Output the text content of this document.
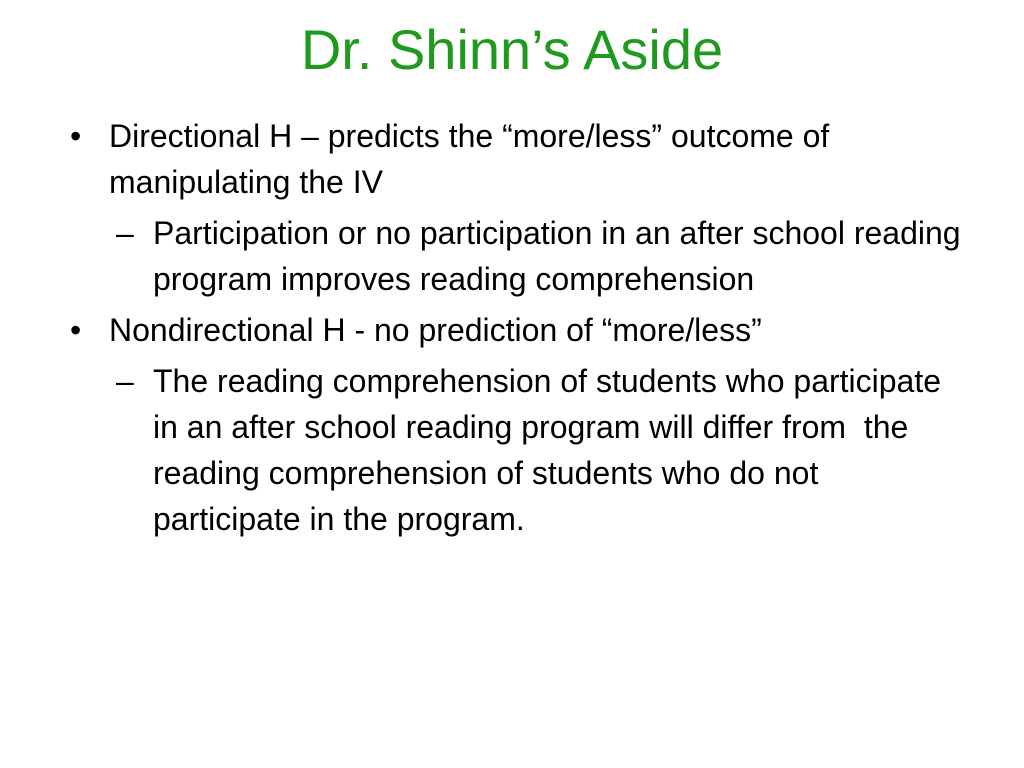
Dr. Shinn’s Aside
• Directional H – predicts the “more/less” outcome of manipulating the IV
– Participation or no participation in an after school reading program improves reading comprehension
• Nondirectional H - no prediction of “more/less”
– The reading comprehension of students who participate in an after school reading program will differ from  the reading comprehension of students who do not participate in the program.
